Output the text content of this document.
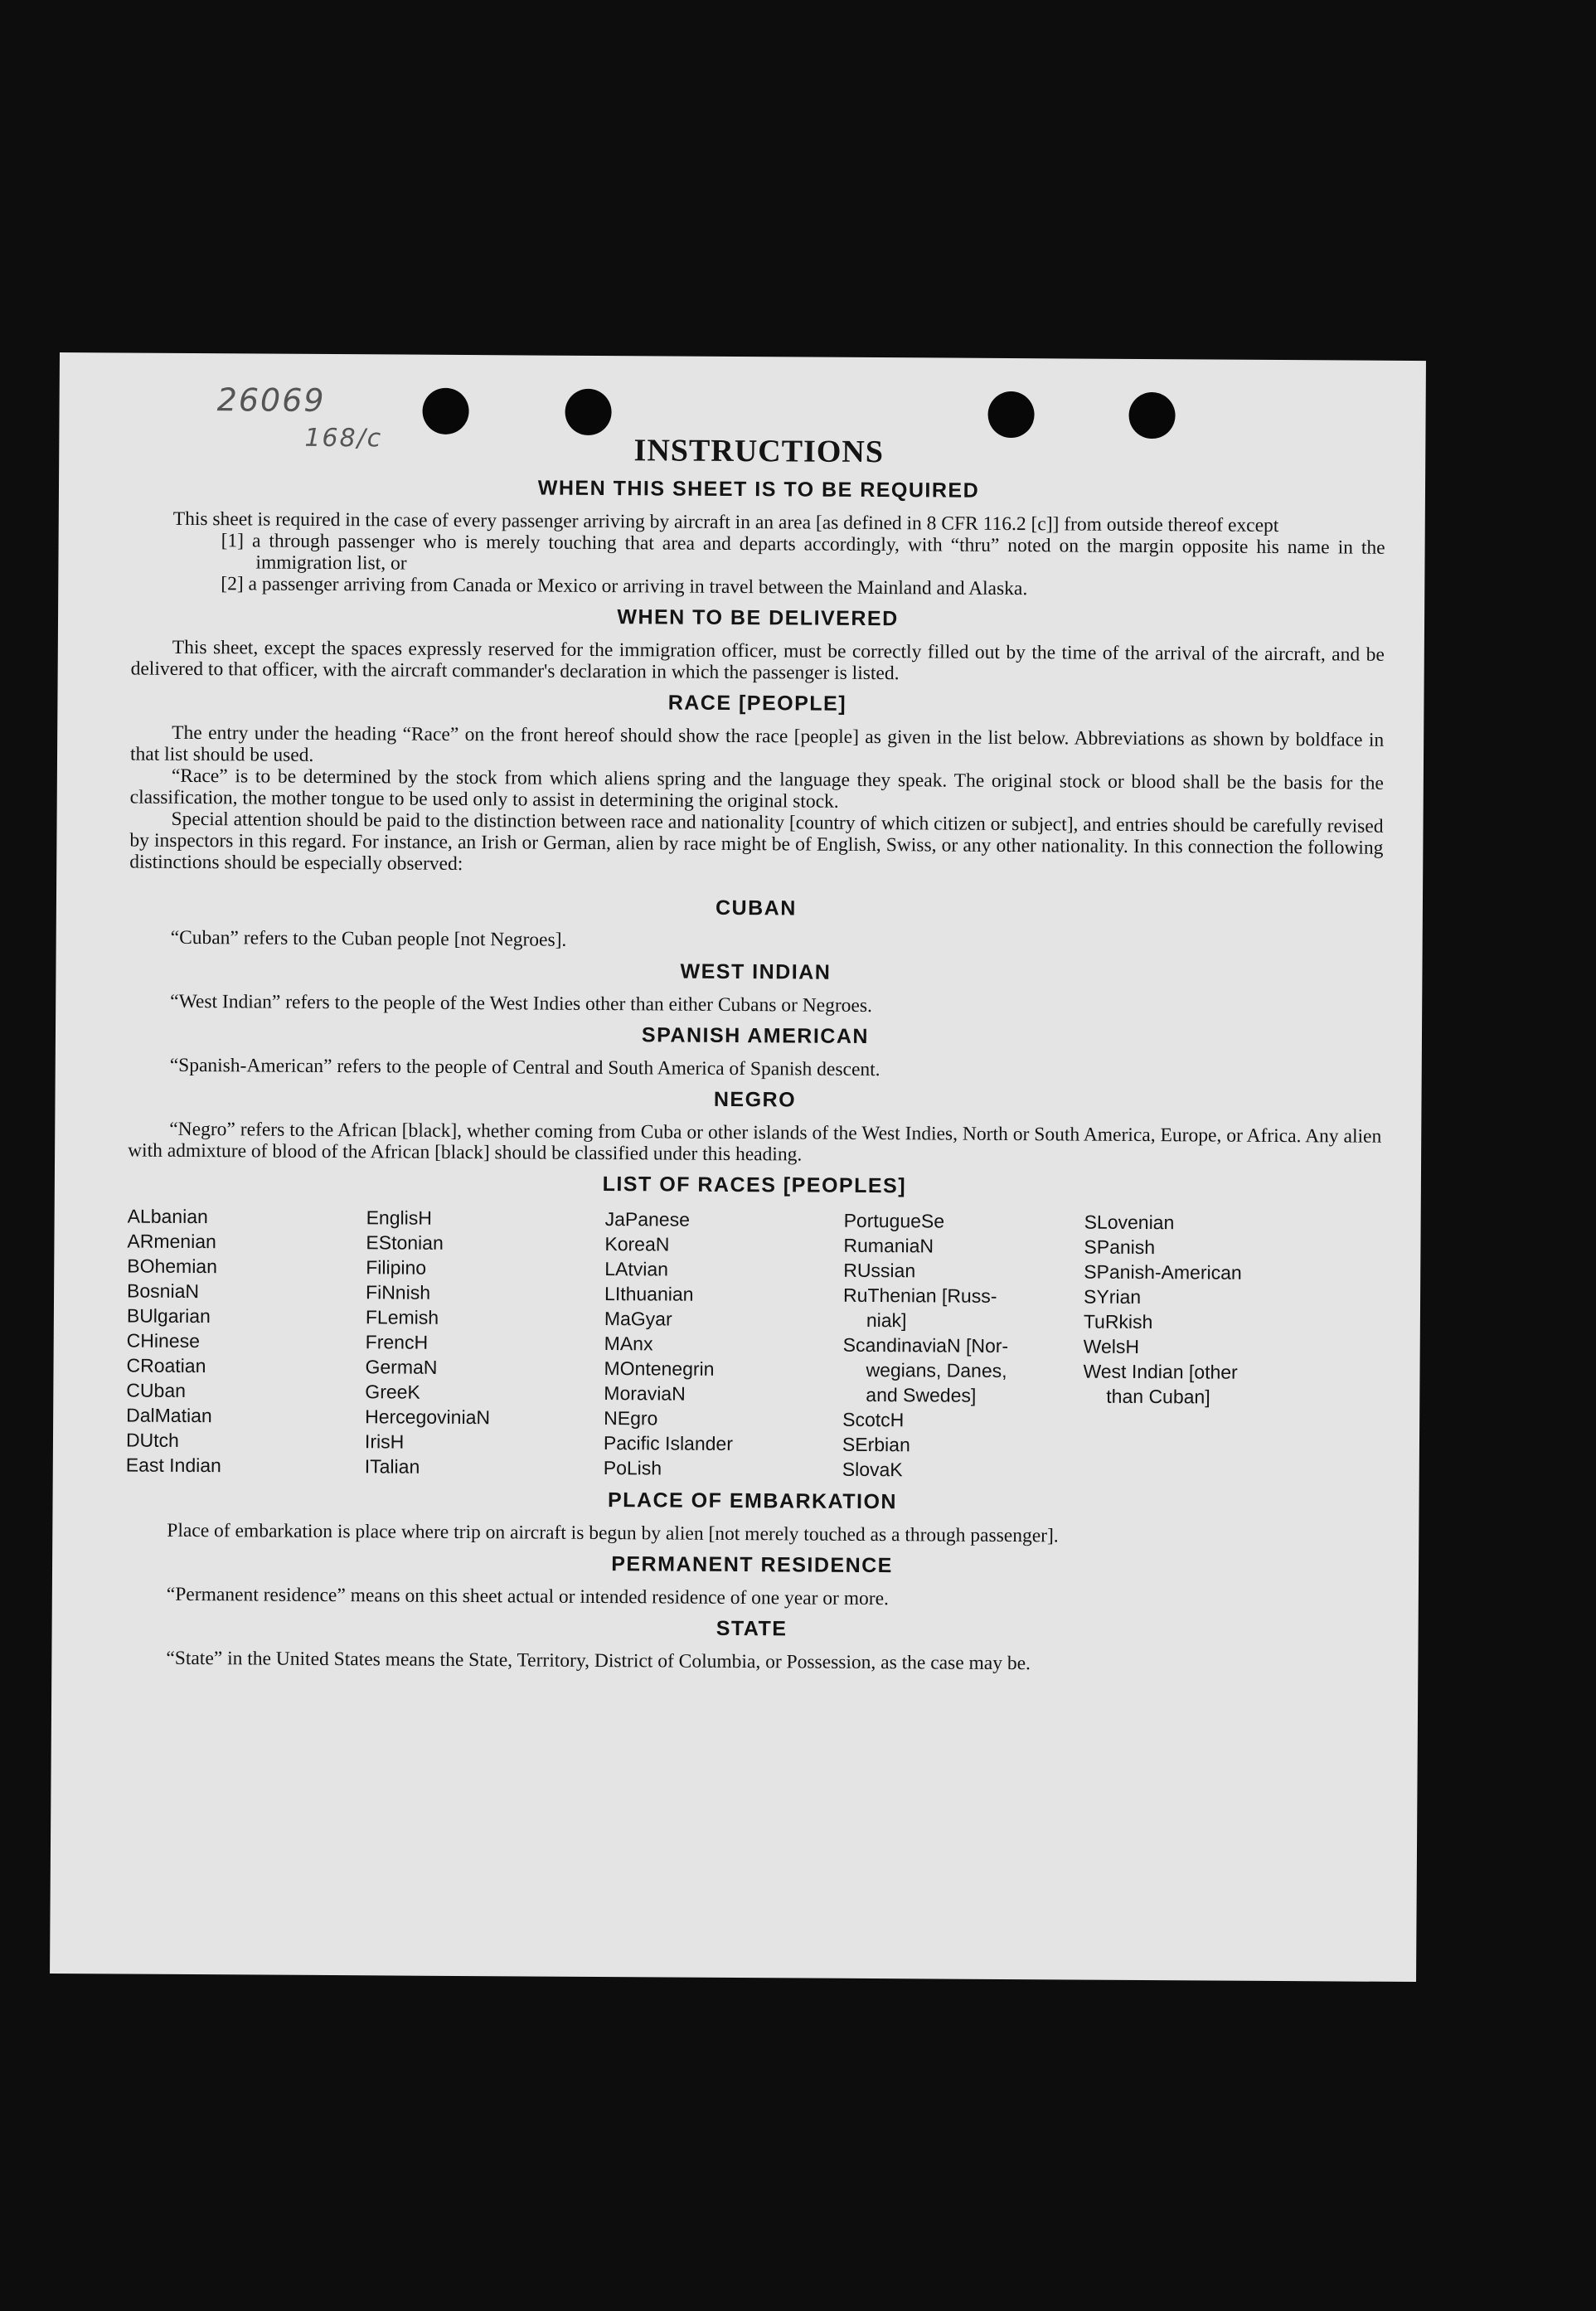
26069
168/c	INSTRUCTIONS
WHEN THIS SHEET IS TO BE REQUIRED

This sheet is required in the case of every passenger arriving by aircraft in an area [as defined in 8 CFR 116.2 [c]] from outside thereof except

[1] a through passenger who is merely touching that area and departs accordingly, with “thru” noted on the margin opposite his name in the immigration list, or

[2] a passenger arriving from Canada or Mexico or arriving in travel between the Mainland and Alaska.

WHEN TO BE DELIVERED

This sheet, except the spaces expressly reserved for the immigration officer, must be correctly filled out by the time of the arrival of the aircraft, and be delivered to that officer, with the aircraft commander's declaration in which the passenger is listed.

RACE [PEOPLE]

The entry under the heading “Race” on the front hereof should show the race [people] as given in the list below. Abbreviations as shown by boldface in that list should be used.

“Race” is to be determined by the stock from which aliens spring and the language they speak. The original stock or blood shall be the basis for the classification, the mother tongue to be used only to assist in determining the original stock.

Special attention should be paid to the distinction between race and nationality [country of which citizen or subject], and entries should be carefully revised by inspectors in this regard. For instance, an Irish or German, alien by race might be of English, Swiss, or any other nationality. In this connection the following distinctions should be especially observed:

CUBAN

“Cuban” refers to the Cuban people [not Negroes].

WEST INDIAN

“West Indian” refers to the people of the West Indies other than either Cubans or Negroes.

SPANISH AMERICAN

“Spanish-American” refers to the people of Central and South America of Spanish descent.

NEGRO

“Negro” refers to the African [black], whether coming from Cuba or other islands of the West Indies, North or South America, Europe, or Africa. Any alien with admixture of blood of the African [black] should be classified under this heading.

LIST OF RACES [PEOPLES]
ALbanian
ARmenian
BOhemian
BosniaN
BUlgarian
CHinese
CRoatian
CUban
DalMatian
DUtch
East Indian
EnglisH
EStonian
Filipino
FiNnish
FLemish
FrencH
GermaN
GreeK
HercegoviniaN
IrisH
ITalian
JaPanese
KoreaN
LAtvian
LIthuanian
MaGyar
MAnx
MOntenegrin
MoraviaN
NEgro
Pacific Islander
PoLish
PortugueSe
RumaniaN
RUssian
RuThenian [Russ-
niak]
ScandinaviaN [Nor-
wegians, Danes,
and Swedes]
ScotcH
SErbian
SlovaK
SLovenian
SPanish
SPanish-American
SYrian
TuRkish
WelsH
West Indian [other
than Cuban]
PLACE OF EMBARKATION

Place of embarkation is place where trip on aircraft is begun by alien [not merely touched as a through passenger].

PERMANENT RESIDENCE

“Permanent residence” means on this sheet actual or intended residence of one year or more.

STATE

“State” in the United States means the State, Territory, District of Columbia, or Possession, as the case may be.
